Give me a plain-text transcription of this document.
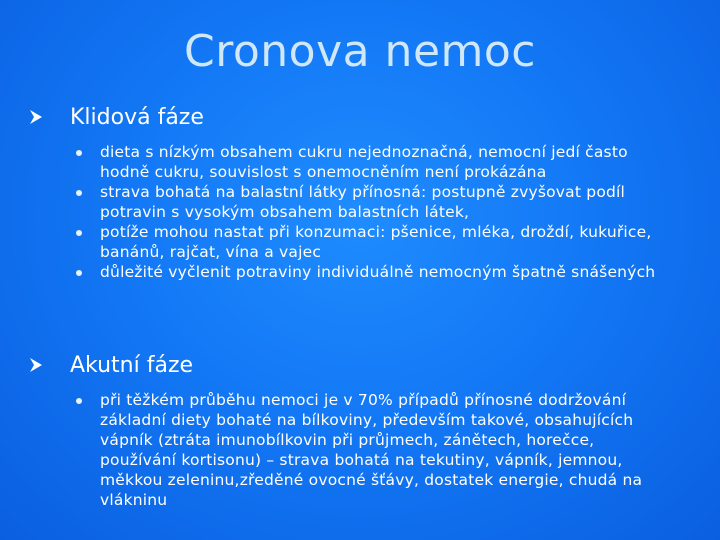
Cronova nemoc
Klidová fáze
dieta s nízkým obsahem cukru nejednoznačná, nemocní jedí často hodně cukru, souvislost s onemocněním není prokázána
strava bohatá na balastní látky přínosná: postupně zvyšovat podíl potravin s vysokým obsahem balastních látek,
potíže mohou nastat při konzumaci: pšenice, mléka, droždí, kukuřice, banánů, rajčat, vína a vajec
důležité vyčlenit potraviny individuálně nemocným špatně snášených
Akutní fáze
při těžkém průběhu nemoci je v 70% případů přínosné dodržování základní diety bohaté na bílkoviny, především takové, obsahujících vápník (ztráta imunobílkovin při průjmech, zánětech, horečce, používání kortisonu) – strava bohatá na tekutiny, vápník, jemnou, měkkou zeleninu,zředěné ovocné šťávy, dostatek energie, chudá na vlákninu
